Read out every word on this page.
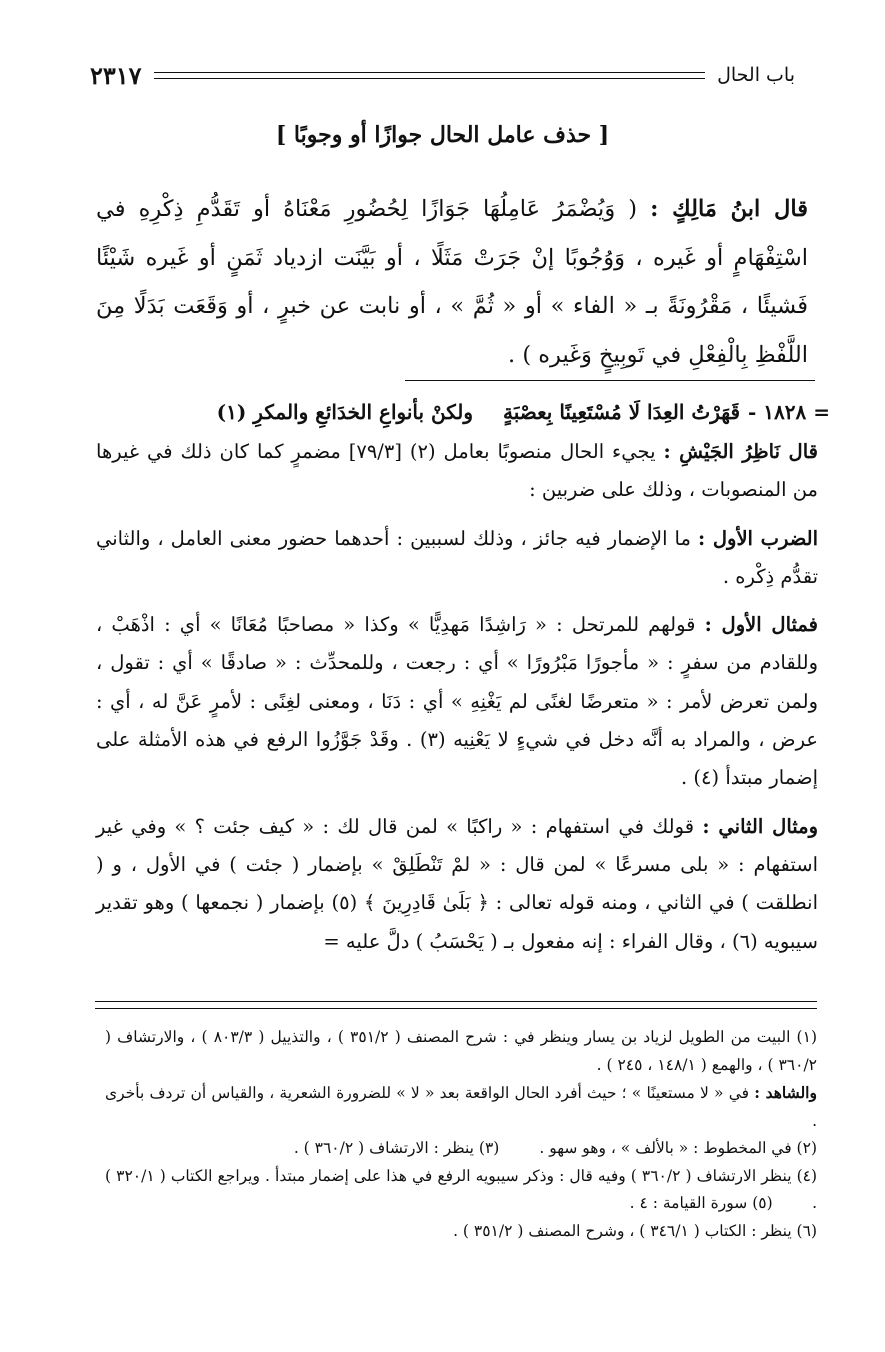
باب الحال
٢٣١٧
[ حذف عامل الحال جوازًا أو وجوبًا ]
قال ابنُ مَالِكٍ : ( وَيُضْمَرُ عَامِلُهَا جَوَازًا لِحُضُورِ مَعْنَاهُ أو تَقَدُّمِ ذِكْرِهِ في اسْتِفْهَامٍ أو غَيره ، وَوُجُوبًا إنْ جَرَتْ مَثَلًا ، أو بَيَّنَت ازدياد ثَمَنٍ أو غَيره شَيْئًا فَشيئًا ، مَقْرُونَةً بـ « الفاء » أو « ثُمَّ » ، أو نابت عن خبرٍ ، أو وَقَعَت بَدَلًا مِنَ اللَّفْظِ بِالْفِعْلِ في تَوبِيخٍ وَغَيره ) .
= ١٨٢٨ -
قَهَرْتُ العِدَا لَا مُسْتَعِينًا بِعصْبَةٍ
ولكنْ بأنواعِ الخدَائعِ والمكرِ (١)

قال نَاظِرُ الجَيْشِ : يجيء الحال منصوبًا بعامل (٢) [٧٩/٣] مضمرٍ كما كان ذلك في غيرها من المنصوبات ، وذلك على ضربين :

الضرب الأول : ما الإضمار فيه جائز ، وذلك لسببين : أحدهما حضور معنى العامل ، والثاني تقدُّم ذِكْره .

فمثال الأول : قولهم للمرتحل : « رَاشِدًا مَهدِيًّا » وكذا « مصاحبًا مُعَانًا » أي : اذْهَبْ ، وللقادم من سفرٍ : « مأجورًا مَبْرُورًا » أي : رجعت ، وللمحدِّث : « صادقًا » أي : تقول ، ولمن تعرض لأمر : « متعرضًا لغنًى لم يَغْنِهِ » أي : دَنَا ، ومعنى لغِنًى : لأمرٍ عَنَّ له ، أي : عرض ، والمراد به أنَّه دخل في شيءٍ لا يَعْنِيه (٣) . وقَدْ جَوَّزُوا الرفع في هذه الأمثلة على إضمار مبتدأ (٤) .

ومثال الثاني : قولك في استفهام : « راكبًا » لمن قال لك : « كيف جئت ؟ » وفي غير استفهام : « بلى مسرعًا » لمن قال : « لمْ تَنْطَلِقْ » بإضمار ( جئت ) في الأول ، و ( انطلقت ) في الثاني ، ومنه قوله تعالى : ﴿ بَلَىٰ قَادِرِينَ ﴾ (٥) بإضمار ( نجمعها ) وهو تقدير سيبويه (٦) ، وقال الفراء : إنه مفعول بـ ( يَحْسَبُ ) دلَّ عليه =

(١) البيت من الطويل لزياد بن يسار وينظر في : شرح المصنف ( ٣٥١/٢ ) ، والتذييل ( ٨٠٣/٣ ) ، والارتشاف ( ٣٦٠/٢ ) ، والهمع ( ١٤٨/١ ، ٢٤٥ ) .

والشاهد : في « لا مستعينًا » ؛ حيث أفرد الحال الواقعة بعد « لا » للضرورة الشعرية ، والقياس أن تردف بأخرى .

(٢) في المخطوط : « بالألف » ، وهو سهو .
(٣) ينظر : الارتشاف ( ٣٦٠/٢ ) .

(٤) ينظر الارتشاف ( ٣٦٠/٢ ) وفيه قال : وذكر سيبويه الرفع في هذا على إضمار مبتدأ . ويراجع الكتاب ( ٣٢٠/١ ) .        (٥) سورة القيامة : ٤ .

(٦) ينظر : الكتاب ( ٣٤٦/١ ) ، وشرح المصنف ( ٣٥١/٢ ) .
